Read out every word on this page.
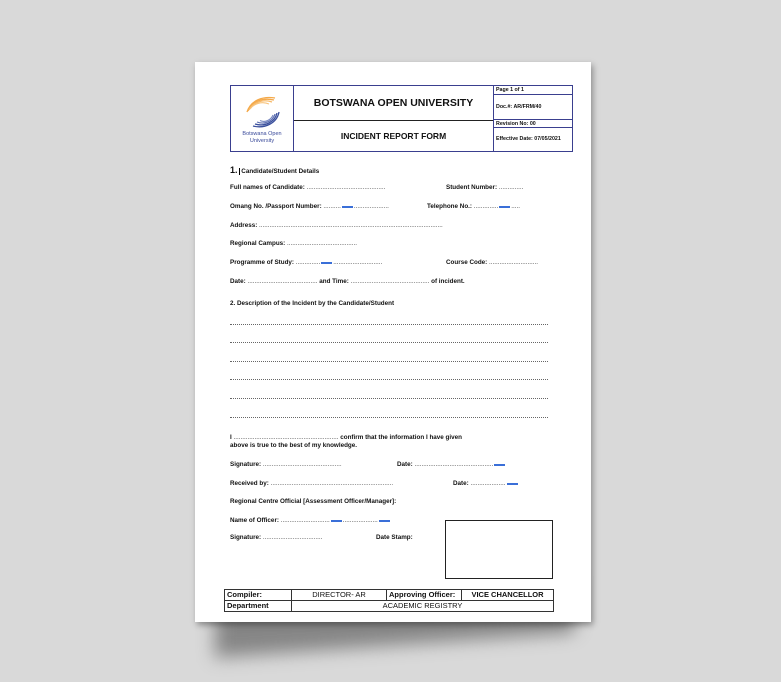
Botswana Open
University
BOTSWANA OPEN UNIVERSITY
INCIDENT REPORT FORM
Page 1 of 1
Doc.#: AR/FRM/40
Revision No: 00
Effective Date: 07/05/2021
1. Candidate/Student Details
Full names of Candidate: .............................................	Student Number: ..............
Omang No. /Passport Number: .......... ....................	Telephone No.: .............. .....
Address: .........................................................................................................
Regional Campus: ........................................
Programme of Study: .............. ............................	Course Code: ............................
Date: ........................................ and Time: ............................................. of incident.
2. Description of the Incident by the Candidate/Student
I ............................................................ confirm that the information I have given
above is true to the best of my knowledge.
Signature: .............................................	Date: .............................................
Received by: ......................................................................	Date: ....................
Regional Centre Official [Assessment Officer/Manager]:
Name of Officer: ............................ ....................
Signature: ..................................	Date Stamp:
Compiler:	DIRECTOR- AR	Approving Officer:	VICE CHANCELLOR
Department	ACADEMIC REGISTRY		
